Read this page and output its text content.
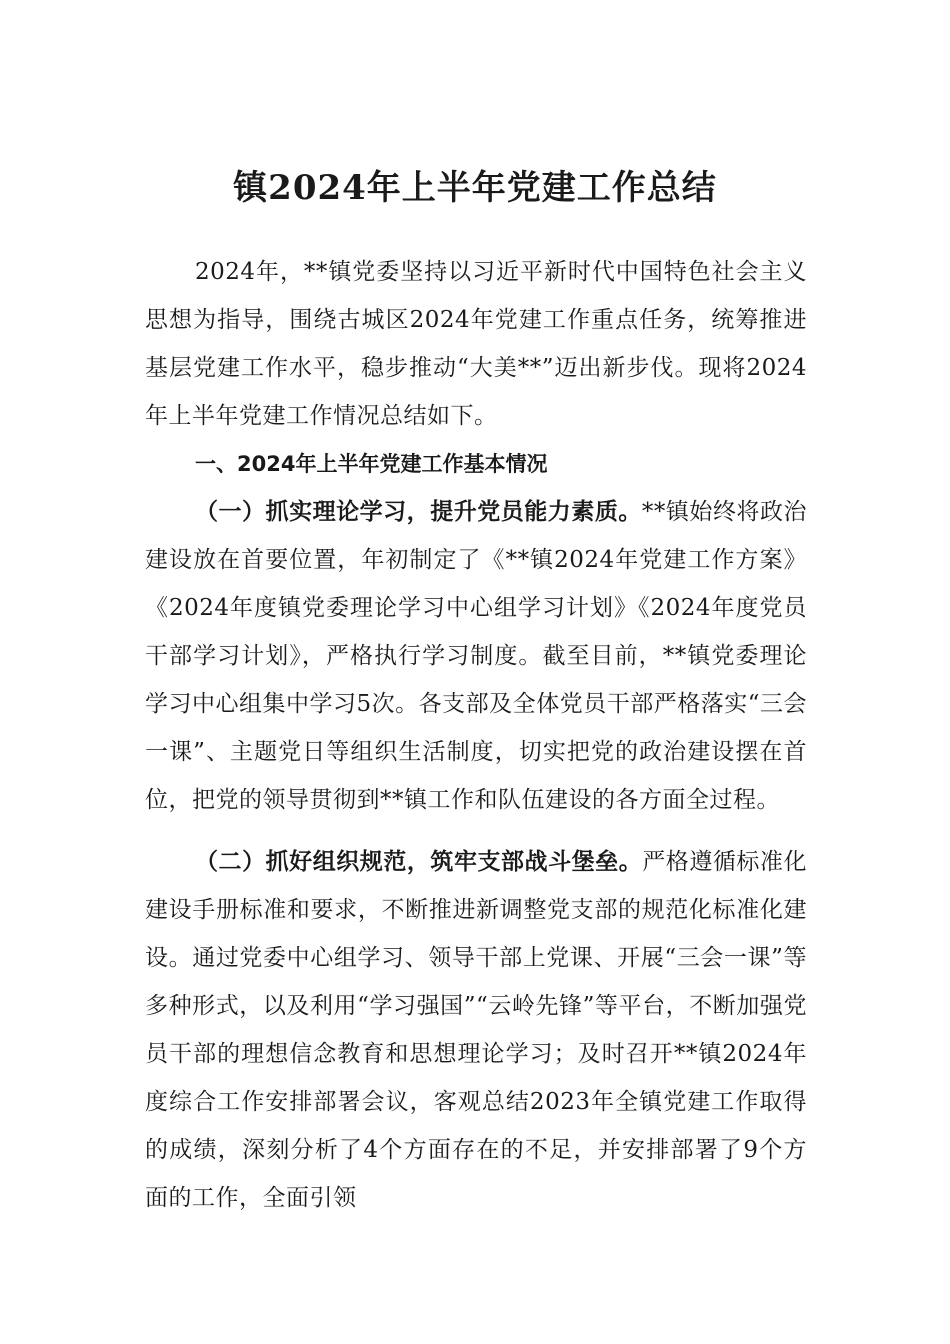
镇2024年上半年党建工作总结

2024年，**镇党委坚持以习近平新时代中国特色社会主义思想为指导，围绕古城区2024年党建工作重点任务，统筹推进基层党建工作水平，稳步推动“大美**”迈出新步伐。现将2024年上半年党建工作情况总结如下。

一、2024年上半年党建工作基本情况

（一）抓实理论学习，提升党员能力素质。**镇始终将政治建设放在首要位置，年初制定了《**镇2024年党建工作方案》《2024年度镇党委理论学习中心组学习计划》《2024年度党员干部学习计划》，严格执行学习制度。截至目前，**镇党委理论学习中心组集中学习5次。各支部及全体党员干部严格落实“三会一课”、主题党日等组织生活制度，切实把党的政治建设摆在首位，把党的领导贯彻到**镇工作和队伍建设的各方面全过程。

（二）抓好组织规范，筑牢支部战斗堡垒。严格遵循标准化建设手册标准和要求，不断推进新调整党支部的规范化标准化建设。通过党委中心组学习、领导干部上党课、开展“三会一课”等多种形式，以及利用“学习强国”“云岭先锋”等平台，不断加强党员干部的理想信念教育和思想理论学习；及时召开**镇2024年度综合工作安排部署会议，客观总结2023年全镇党建工作取得的成绩，深刻分析了4个方面存在的不足，并安排部署了9个方面的工作，全面引领
